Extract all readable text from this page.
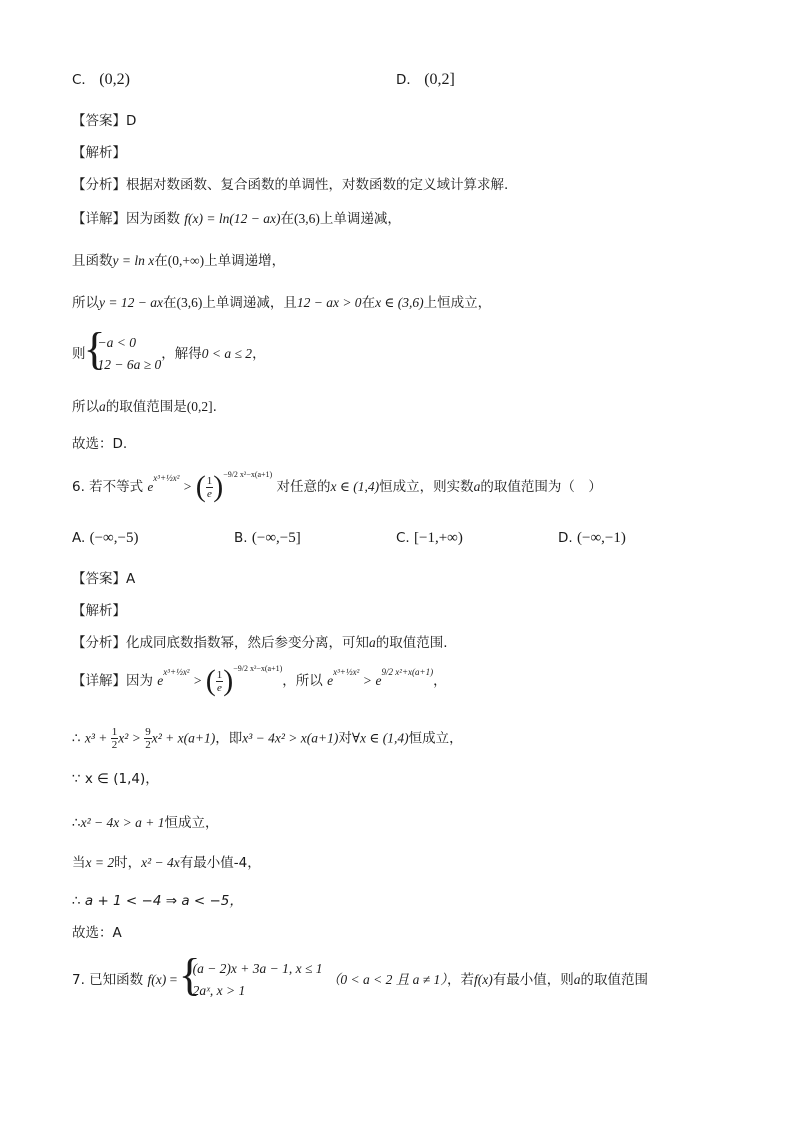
C． (0,2)	D． (0,2]
【答案】D
【解析】
【分析】根据对数函数、复合函数的单调性，对数函数的定义域计算求解.
【详解】因为函数 f(x) = ln(12 − ax)在(3,6)上单调递减，
且函数y = ln x在(0,+∞)上单调递增，
所以y = 12 − ax在(3,6)上单调递减，且12 − ax > 0在x ∈ (3,6)上恒成立，
则
{ −a < 0
12 − 6a ≥ 0
，解得0 < a ≤ 2，
所以a的取值范围是(0,2].
故选：D.
6. 若不等式 $e^{x^3+\frac{1}{2}x^2}$ > ( $\frac{1}{e} )^{-9/2 x^2-x(a+1)}$ 对任意的x ∈ (1,4)恒成立，则实数a的取值范围为（　）
A. (−∞,−5)	B. (−∞,−5]	C. [−1,+∞)	D. (−∞,−1)
【答案】A
【解析】
【分析】化成同底数指数幂，然后参变分离，可知a的取值范围.
【详解】因为 $e^{x^3+\frac{1}{2}x^2}$ > ( $\frac{1}{e} )^{-9/2 x^2-x(a+1)}$，所以 $e^{x^3+\frac{1}{2}x^2} > e^{9/2 x^2+x(a+1)}$，
∴ $x^3 + \frac{1}{2} x^2 > \frac{9}{2} x^2 + x(a+1)$，即x³ − 4x² > x(a+1)对∀x ∈ (1,4)恒成立，
∵ x ∈ (1,4)，
∴x² − 4x > a + 1恒成立，
当x = 2时，x² − 4x有最小值-4，
∴ a + 1 < −4 ⇒ a < −5，
故选：A
7. 已知函数 f(x) =
{ (a − 2)x + 3a − 1, x ≤ 1
2aˣ, x > 1
（0 < a < 2 且 a ≠ 1），若f(x)有最小值，则a的取值范围
